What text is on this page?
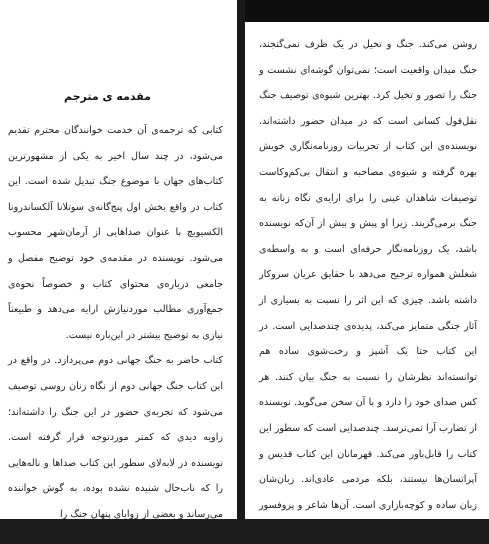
مقدمه ی مترجم

کتابی که ترجمه‌ی آن خدمت خوانندگان محترم تقدیم می‌شود، در چند سال اخیر به یکی از مشهورترین کتاب‌های جهان با موضوع جنگ تبدیل شده است. این کتاب در واقع بخش اول پنج‌گانه‌ی سوتلانا آلکساندرونا الکسیویچ با عنوان صداهایی از آرمان‌شهر محسوب می‌شود. نویسنده در مقدمه‌ی خود توضیح مفصل و جامعی درباره‌ی محتوای کتاب و خصوصاً نحوه‌ی جمع‌آوری مطالب موردنیازش ارایه می‌دهد و طبیعتاً نیازی به توضیح بیشتر در این‌باره نیست.

کتاب حاضر به جنگ جهانی دوم می‌پردازد. در واقع در این کتاب جنگ جهانی دوم از نگاه زنان روسی توصیف می‌شود که تجربه‌ی حضور در این جنگ را داشته‌اند؛ زاویه دیدی که کمتر موردتوجه قرار گرفته است. نویسنده در لابه‌لای سطور این کتاب صداها و ناله‌هایی را که ناب‌حال شنیده نشده بوده، به گوش خواننده می‌رساند و بعضی از زوایای پنهان جنگ را

روشن می‌کند. جنگ و تخیل در یک ظرف نمی‌گنجند، جنگ میدان واقعیت است؛ نمی‌توان گوشه‌ای نشست و جنگ را تصور و تخیل کرد. بهترین شیوه‌ی توصیف جنگ نقل‌قول کسانی است که در میدان حضور داشته‌اند. نویسنده‌ی این کتاب از تجربیات روزنامه‌نگاری خویش بهره گرفته و شیوه‌ی مصاحبه و انتقال بی‌کم‌وکاست توصیفات شاهدان عینی را برای ارایه‌ی نگاه زنانه به جنگ برمی‌گزیند. زیرا او پیش و بیش از آن‌که نویسنده باشد، یک روزنامه‌نگار حرفه‌ای است و به واسطه‌ی شغلش همواره ترجیح می‌دهد با حقایق عریان سروکار داشته باشد. چیزی که این اثر را نسبت به بسیاری از آثار جنگی متمایز می‌کند، پدیده‌ی چندصدایی است. در این کتاب حتا یک آشپز و رخت‌شوی ساده هم توانسته‌اند نظرشان را نسبت به جنگ بیان کنند. هر کس صدای خود را دارد و با آن سخن می‌گوید. نویسنده از تضارب آرا نمی‌ترسد. چندصدایی است که سطور این کتاب را قابل‌باور می‌کند. قهرمانان این کتاب قدیس و آپراتسان‌ها نیستند، بلکه مردمی عادی‌اند. زبان‌شان زبان ساده و کوچه‌بازاری است. آن‌ها شاعر و پروفسور و سیاستمدار
